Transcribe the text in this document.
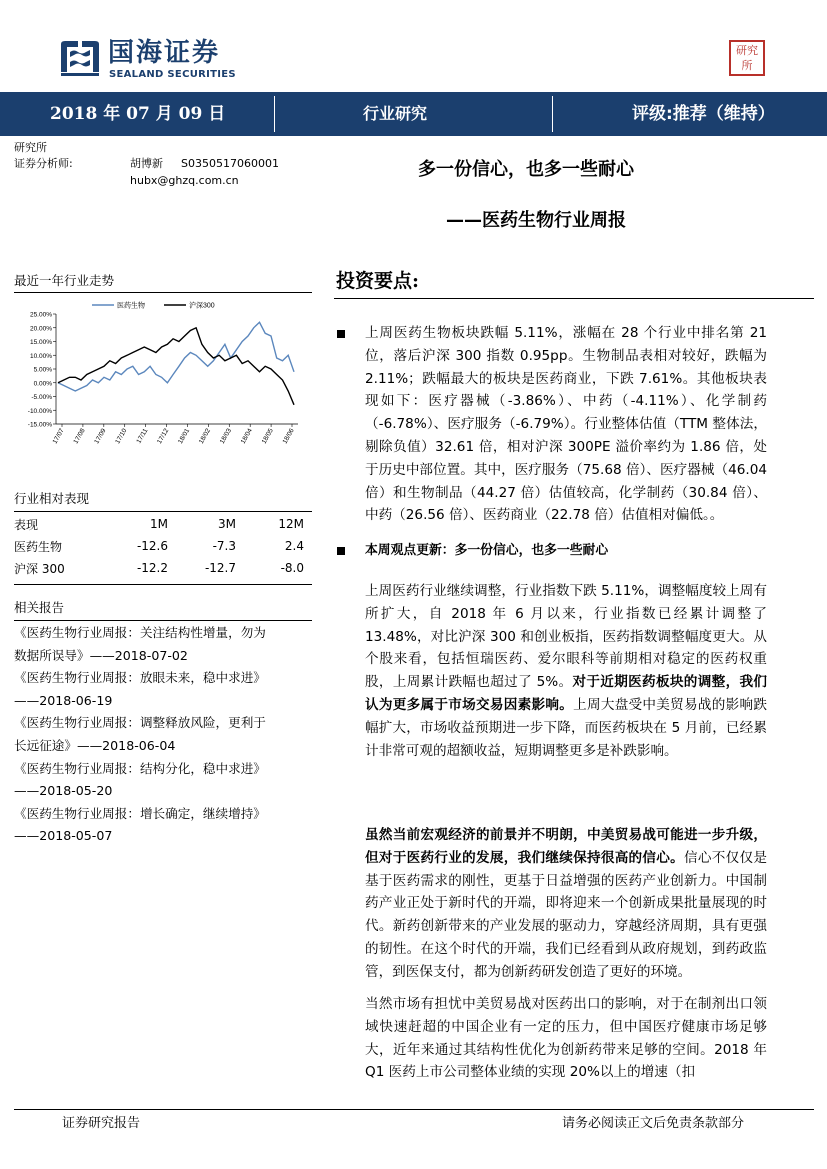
国海证券
SEALAND SECURITIES
研究所
2018 年 07 月 09 日	行业研究	评级:推荐（维持）
研究所
证券分析师:	胡博新 S0350517060001
hubx@ghzq.com.cn
多一份信心，也多一些耐心
——医药生物行业周报
最近一年行业走势
25.00%
20.00%
15.00%
10.00%
5.00%
0.00%
-5.00%
-10.00%
-15.00%
17/07 17/08 17/09 17/10 17/11 17/12 18/01 18/02 18/03 18/04 18/05 18/06
医药生物	沪深300
行业相对表现
表现	1M	3M	12M
医药生物	-12.6	-7.3	2.4
沪深 300	-12.2	-12.7	-8.0
相关报告
《医药生物行业周报：关注结构性增量，勿为
数据所误导》——2018-07-02
《医药生物行业周报：放眼未来，稳中求进》
——2018-06-19
《医药生物行业周报：调整释放风险，更利于
长远征途》——2018-06-04
《医药生物行业周报：结构分化，稳中求进》
——2018-05-20
《医药生物行业周报：增长确定，继续增持》
——2018-05-07
投资要点:
上周医药生物板块跌幅 5.11%，涨幅在 28 个行业中排名第 21 位，落后沪深 300 指数 0.95pp。生物制品表相对较好，跌幅为 2.11%；跌幅最大的板块是医药商业，下跌 7.61%。其他板块表现如下：医疗器械（-3.86%）、中药（-4.11%）、化学制药（-6.78%）、医疗服务（-6.79%）。行业整体估值（TTM 整体法，剔除负值）32.61 倍，相对沪深 300PE 溢价率约为 1.86 倍，处于历史中部位置。其中，医疗服务（75.68 倍）、医疗器械（46.04 倍）和生物制品（44.27 倍）估值较高，化学制药（30.84 倍）、中药（26.56 倍）、医药商业（22.78 倍）估值相对偏低。。
本周观点更新：多一份信心，也多一些耐心
上周医药行业继续调整，行业指数下跌 5.11%，调整幅度较上周有所扩大，自 2018 年 6 月以来，行业指数已经累计调整了 13.48%，对比沪深 300 和创业板指，医药指数调整幅度更大。从个股来看，包括恒瑞医药、爱尔眼科等前期相对稳定的医药权重股，上周累计跌幅也超过了 5%。对于近期医药板块的调整，我们认为更多属于市场交易因素影响。上周大盘受中美贸易战的影响跌幅扩大，市场收益预期进一步下降，而医药板块在 5 月前，已经累计非常可观的超额收益，短期调整更多是补跌影响。
虽然当前宏观经济的前景并不明朗，中美贸易战可能进一步升级，但对于医药行业的发展，我们继续保持很高的信心。信心不仅仅是基于医药需求的刚性，更基于日益增强的医药产业创新力。中国制药产业正处于新时代的开端，即将迎来一个创新成果批量展现的时代。新药创新带来的产业发展的驱动力，穿越经济周期，具有更强的韧性。在这个时代的开端，我们已经看到从政府规划，到药政监管，到医保支付，都为创新药研发创造了更好的环境。
当然市场有担忧中美贸易战对医药出口的影响，对于在制剂出口领域快速赶超的中国企业有一定的压力，但中国医疗健康市场足够大，近年来通过其结构性优化为创新药带来足够的空间。2018 年 Q1 医药上市公司整体业绩的实现 20%以上的增速（扣
证券研究报告	请务必阅读正文后免责条款部分
